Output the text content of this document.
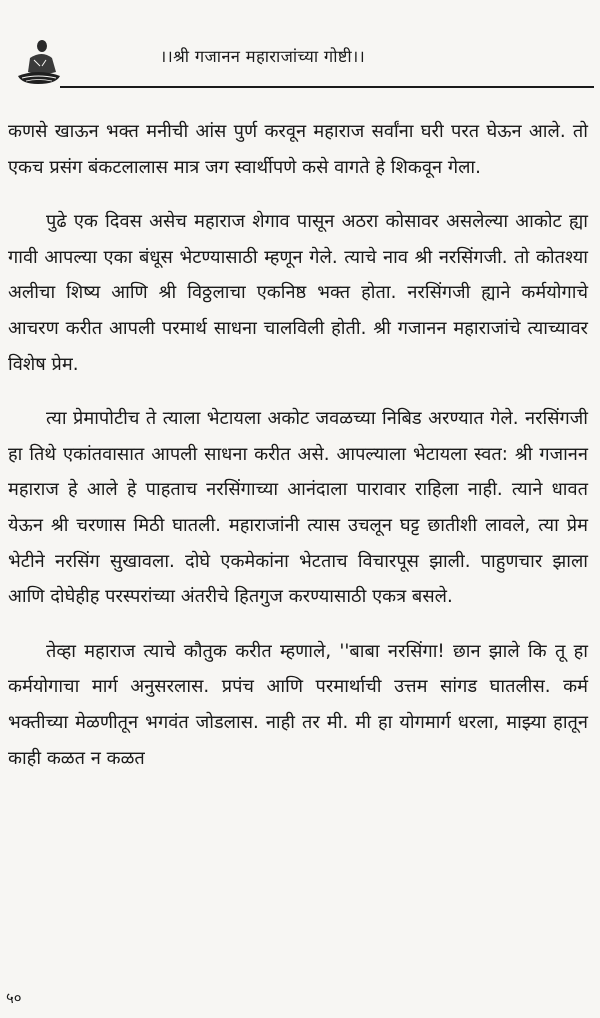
।।श्री गजानन महाराजांच्या गोष्टी।।

कणसे खाऊन भक्त मनीची आंस पुर्ण करवून महाराज सर्वांना घरी परत घेऊन आले. तो एकच प्रसंग बंकटलालास मात्र जग स्वार्थीपणे कसे वागते हे शिकवून गेला.

पुढे एक दिवस असेच महाराज शेगाव पासून अठरा कोसावर असलेल्या आकोट ह्या गावी आपल्या एका बंधूस भेटण्यासाठी म्हणून गेले. त्याचे नाव श्री नरसिंगजी. तो कोतश्या अलीचा शिष्य आणि श्री विठ्ठलाचा एकनिष्ठ भक्त होता. नरसिंगजी ह्याने कर्मयोगाचे आचरण करीत आपली परमार्थ साधना चालविली होती. श्री गजानन महाराजांचे त्याच्यावर विशेष प्रेम.

त्या प्रेमापोटीच ते त्याला भेटायला अकोट जवळच्या निबिड अरण्यात गेले. नरसिंगजी हा तिथे एकांतवासात आपली साधना करीत असे. आपल्याला भेटायला स्वत: श्री गजानन महाराज हे आले हे पाहताच नरसिंगाच्या आनंदाला पारावार राहिला नाही. त्याने धावत येऊन श्री चरणास मिठी घातली. महाराजांनी त्यास उचलून घट्ट छातीशी लावले, त्या प्रेम भेटीने नरसिंग सुखावला. दोघे एकमेकांना भेटताच विचारपूस झाली. पाहुणचार झाला आणि दोघेहीह परस्परांच्या अंतरीचे हितगुज करण्यासाठी एकत्र बसले.

तेव्हा महाराज त्याचे कौतुक करीत म्हणाले, ''बाबा नरसिंगा! छान झाले कि तू हा कर्मयोगाचा मार्ग अनुसरलास. प्रपंच आणि परमार्थाची उत्तम सांगड घातलीस. कर्म भक्तीच्या मेळणीतून भगवंत जोडलास. नाही तर मी. मी हा योगमार्ग धरला, माझ्या हातून काही कळत न कळत

५०
